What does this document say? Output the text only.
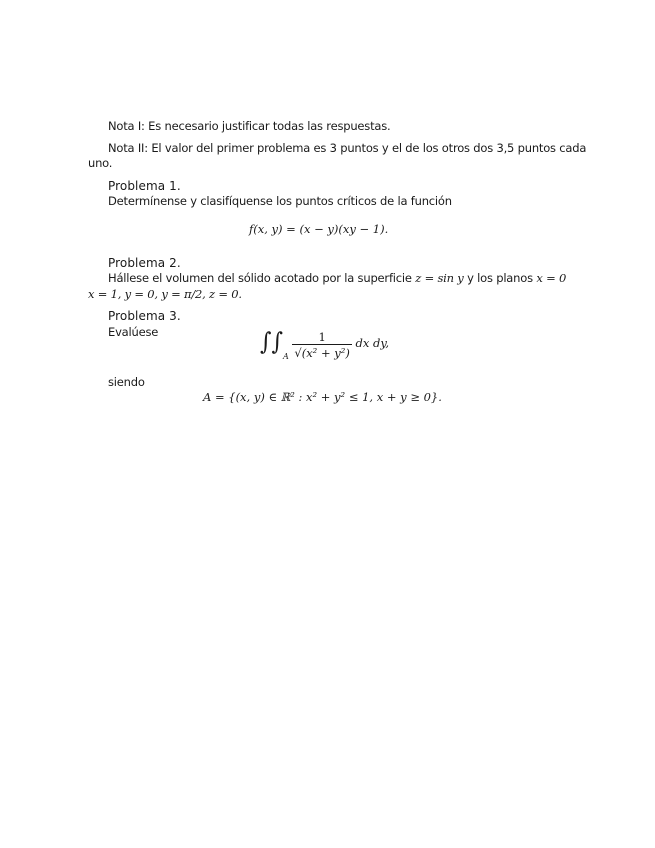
Nota I: Es necesario justificar todas las respuestas.
Nota II: El valor del primer problema es 3 puntos y el de los otros dos 3,5 puntos cada
uno.
Problema 1.
Determínense y clasifíquense los puntos críticos de la función
f(x, y) = (x − y)(xy − 1).
Problema 2.
Hállese el volumen del sólido acotado por la superficie z = sin y y los planos x = 0
x = 1, y = 0, y = π/2, z = 0.
Problema 3.
Evalúese	$\int\int_A \frac{1}{\text{√(x² + y²)}}$ dx dy,
siendo
A = {(x, y) ∈ ℝ² : x² + y² ≤ 1, x + y ≥ 0}.
